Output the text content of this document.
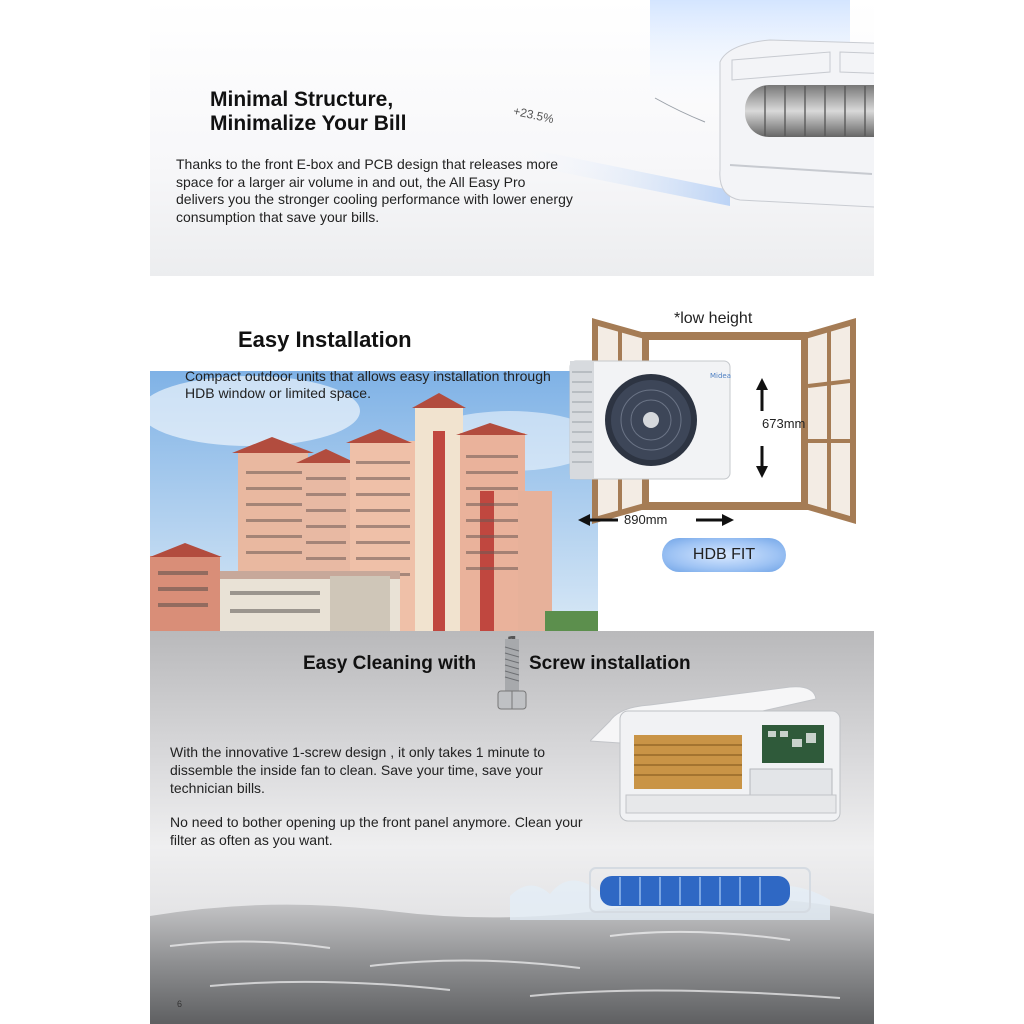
Minimal Structure,
Minimalize Your Bill	+23.5%
Thanks to the front E-box and PCB design that releases more space for a larger air volume in and out, the All Easy Pro delivers you the stronger cooling performance with lower energy consumption that save your bills.
Midea
Easy Installation
Compact outdoor units that allows easy installation through HDB window or limited space.
*low height
673mm
890mm
HDB FIT
Easy Cleaning with	Screw installation
With the innovative 1-screw design , it only takes 1 minute to dissemble the inside fan to clean. Save your time, save your technician bills.
No need to bother opening up the front panel anymore. Clean your filter as often as you want.
6
